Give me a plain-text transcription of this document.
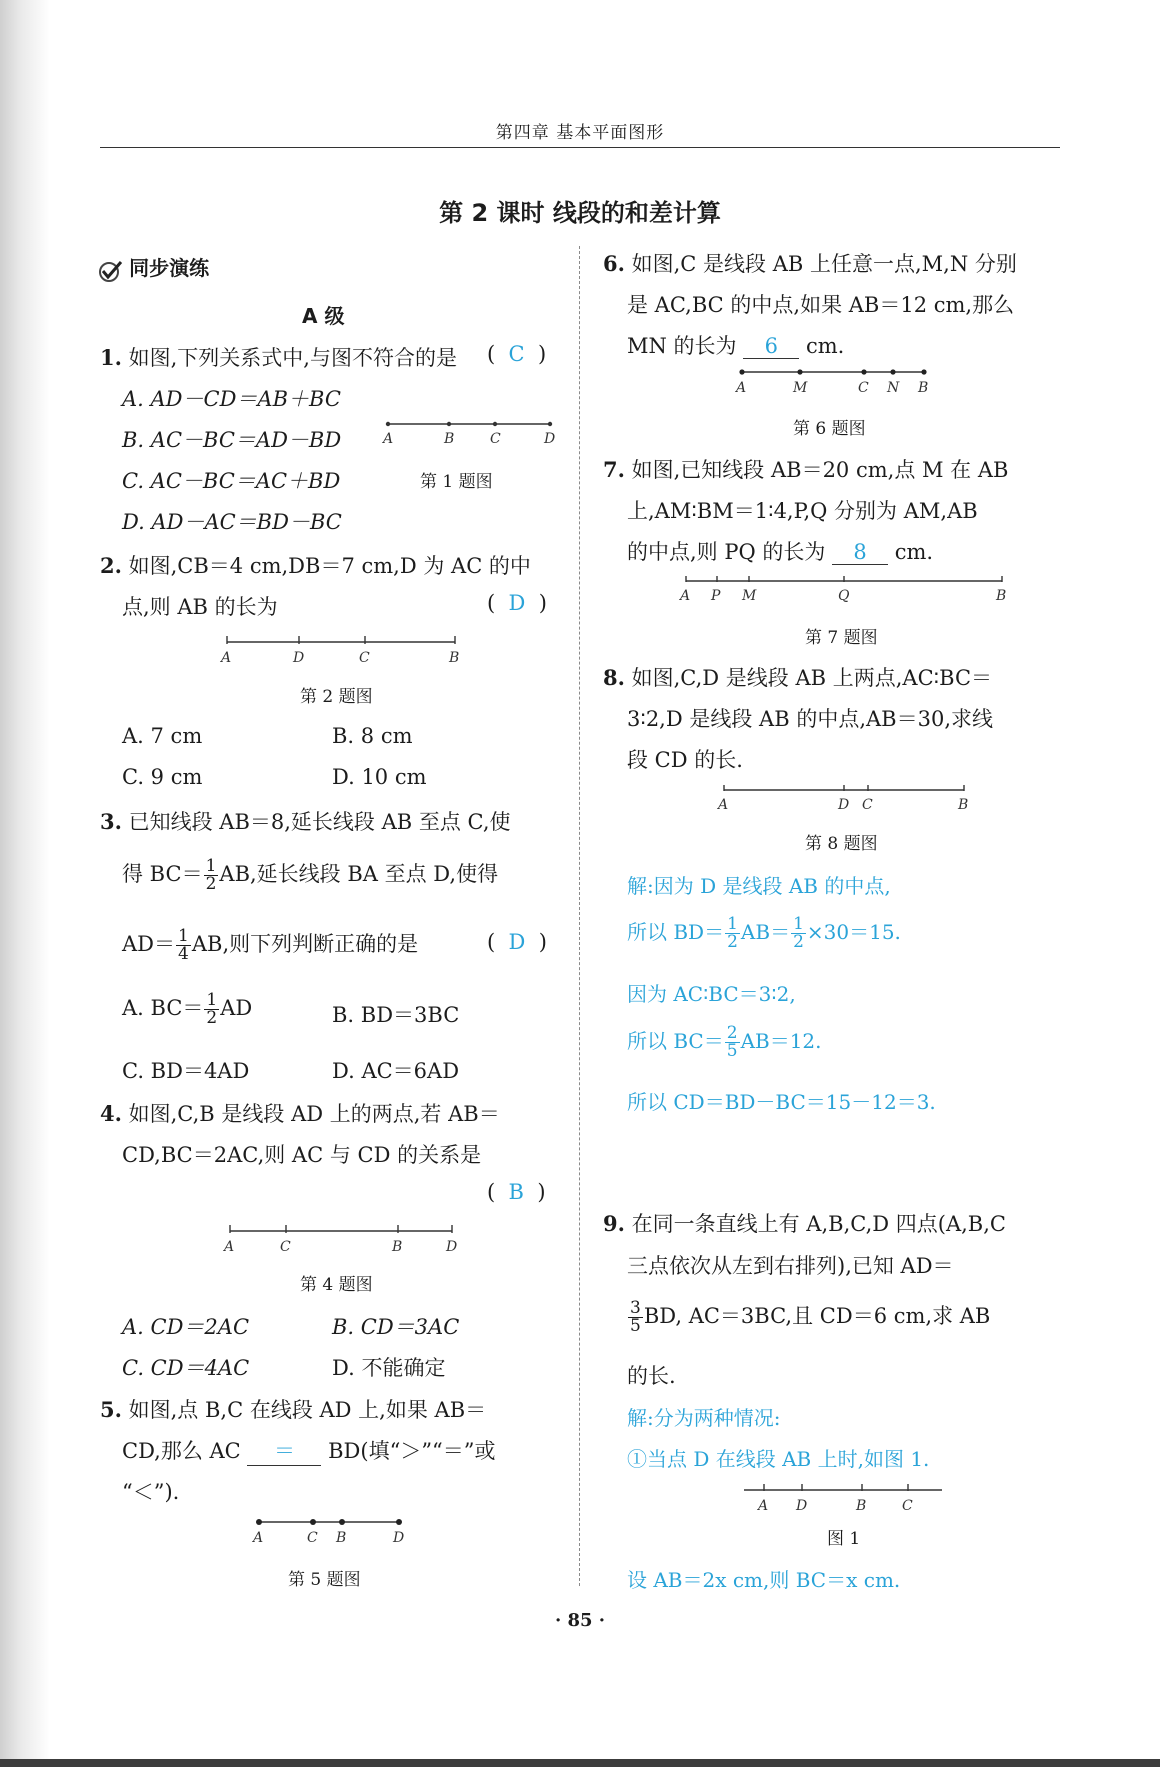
第四章 基本平面图形
第 2 课时 线段的和差计算
同步演练
A 级
1. 如图,下列关系式中,与图不符合的是 (  C  )
A. AD－CD＝AB＋BC
B. AC－BC＝AD－BD
C. AC－BC＝AC＋BD
D. AD－AC＝BD－BC
A	B	C	D
第 1 题图
2. 如图,CB＝4 cm,DB＝7 cm,D 为 AC 的中
点,则 AB 的长为	(  D  )
A	D	C	B
第 2 题图
A. 7 cm	B. 8 cm
C. 9 cm	D. 10 cm
3. 已知线段 AB＝8,延长线段 AB 至点 C,使
得 $BC= \frac{1}{2}$ AB,延长线段 BA 至点 D,使得
$AD= \frac{1}{4}$ AB,则下列判断正确的是	(  D  )
A. $BC= \frac{1}{2}$ AD	B. BD＝3BC
C. BD＝4AD	D. AC＝6AD
4. 如图,C,B 是线段 AD 上的两点,若 AB＝
CD,BC＝2AC,则 AC 与 CD 的关系是
(  B  )
A	C	B	D
第 4 题图
A. CD＝2AC	B. CD＝3AC
C. CD＝4AC	D. 不能确定
5. 如图,点 B,C 在线段 AD 上,如果 AB＝
CD,那么 AC ＝ BD(填“＞”“＝”或
“＜”).
A	C B	D
第 5 题图
6. 如图,C 是线段 AB 上任意一点,M,N 分别
是 AC,BC 的中点,如果 AB＝12 cm,那么
MN 的长为 6 cm.
A	M	C N B
第 6 题图
7. 如图,已知线段 AB＝20 cm,点 M 在 AB
上,AM∶BM＝1∶4,P,Q 分别为 AM,AB
的中点,则 PQ 的长为 8 cm.
A P M	Q	B
第 7 题图
8. 如图,C,D 是线段 AB 上两点,AC∶BC＝
3∶2,D 是线段 AB 的中点,AB＝30,求线
段 CD 的长.
A	D C	B
第 8 题图
解:因为 D 是线段 AB 的中点,
所以 $BD= \frac{1}{2} AB= \frac{1}{2} \times 30=15$.
因为 AC∶BC＝3∶2,
所以 $BC= \frac{2}{5} AB=12$.
所以 CD＝BD－BC＝15－12＝3.
9. 在同一条直线上有 A,B,C,D 四点(A,B,C
三点依次从左到右排列),已知 AD＝
$\frac{3}{5}$ BD, AC＝3BC,且 CD＝6 cm,求 AB
的长.
解:分为两种情况:
①当点 D 在线段 AB 上时,如图 1.
A D	B	C
图 1
设 AB＝2x cm,则 BC＝x cm.
· 85 ·
